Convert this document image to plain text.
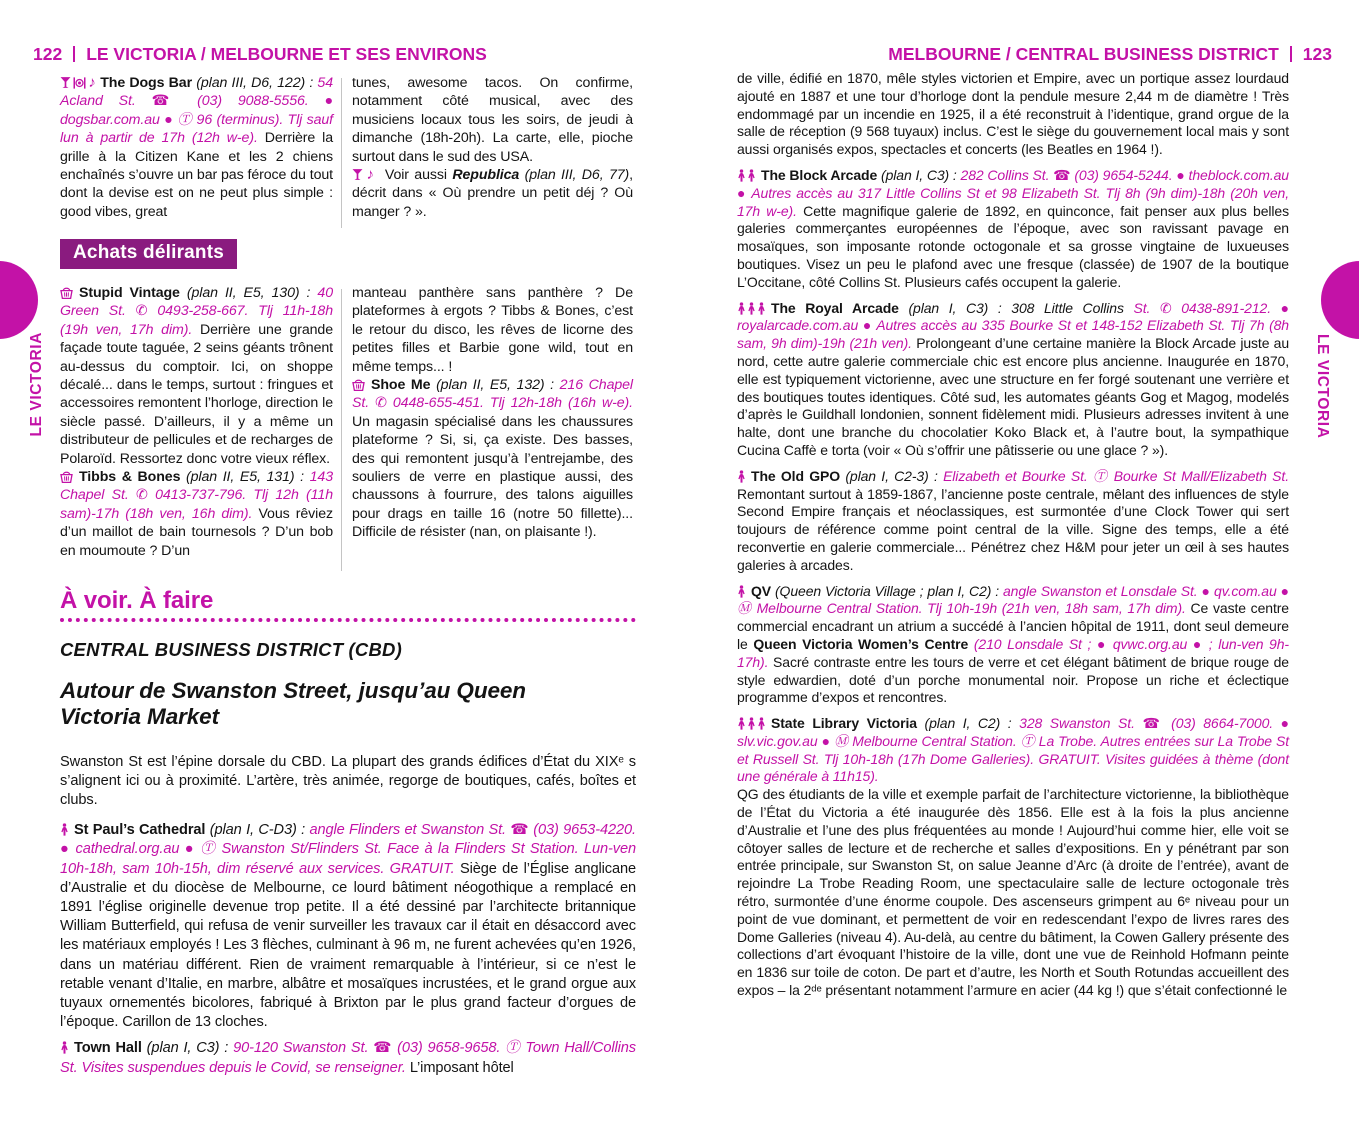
122 LE VICTORIA / MELBOURNE ET SES ENVIRONS	MELBOURNE / CENTRAL BUSINESS DISTRICT 123
LE VICTORIA	LE VICTORIA

♪ The Dogs Bar (plan III, D6, 122) : 54 Acland St. ☎ (03) 9088-5556. ● dogsbar.com.au ● Ⓣ 96 (terminus). Tlj sauf lun à partir de 17h (12h w-e). Derrière la grille à la Citizen Kane et les 2 chiens enchaînés s’ouvre un bar pas féroce du tout dont la devise est on ne peut plus simple : good vibes, great

tunes, awesome tacos. On confirme, notamment côté musical, avec des musiciens locaux tous les soirs, de jeudi à dimanche (18h-20h). La carte, elle, pioche surtout dans le sud des USA.

♪ Voir aussi Republica (plan III, D6, 77), décrit dans « Où prendre un petit déj ? Où manger ? ».

Achats délirants

Stupid Vintage (plan II, E5, 130) : 40 Green St. ✆ 0493-258-667. Tlj 11h-18h (19h ven, 17h dim). Derrière une grande façade toute taguée, 2 seins géants trônent au-dessus du comptoir. Ici, on shoppe décalé... dans le temps, surtout : fringues et accessoires remontent l’horloge, direction le siècle passé. D’ailleurs, il y a même un distributeur de pellicules et de recharges de Polaroïd. Ressortez donc votre vieux réflex.

Tibbs & Bones (plan II, E5, 131) : 143 Chapel St. ✆ 0413-737-796. Tlj 12h (11h sam)-17h (18h ven, 16h dim). Vous rêviez d’un maillot de bain tournesols ? D’un bob en moumoute ? D’un

manteau panthère sans panthère ? De plateformes à ergots ? Tibbs & Bones, c’est le retour du disco, les rêves de licorne des petites filles et Barbie gone wild, tout en même temps... !

Shoe Me (plan II, E5, 132) : 216 Chapel St. ✆ 0448-655-451. Tlj 12h-18h (16h w-e). Un magasin spécialisé dans les chaussures plateforme ? Si, si, ça existe. Des basses, des qui remontent jusqu’à l’entrejambe, des souliers de verre en plastique aussi, des chaussons à fourrure, des talons aiguilles pour drags en taille 16 (notre 50 fillette)... Difficile de résister (nan, on plaisante !).

À voir. À faire
CENTRAL BUSINESS DISTRICT (CBD)
Autour de Swanston Street, jusqu’au Queen Victoria Market

Swanston St est l’épine dorsale du CBD. La plupart des grands édifices d’État du XIXᵉ s s’alignent ici ou à proximité. L’artère, très animée, regorge de boutiques, cafés, boîtes et clubs.

St Paul’s Cathedral (plan I, C-D3) : angle Flinders et Swanston St. ☎ (03) 9653-4220. ● cathedral.org.au ● Ⓣ Swanston St/Flinders St. Face à la Flinders St Station. Lun-ven 10h-18h, sam 10h-15h, dim réservé aux services. GRATUIT. Siège de l’Église anglicane d’Australie et du diocèse de Melbourne, ce lourd bâtiment néogothique a remplacé en 1891 l’église originelle devenue trop petite. Il a été dessiné par l’architecte britannique William Butterfield, qui refusa de venir surveiller les travaux car il était en désaccord avec les matériaux employés ! Les 3 flèches, culminant à 96 m, ne furent achevées qu’en 1926, dans un matériau différent. Rien de vraiment remarquable à l’intérieur, si ce n’est le retable venant d’Italie, en marbre, albâtre et mosaïques incrustées, et le grand orgue aux tuyaux ornementés bicolores, fabriqué à Brixton par le plus grand facteur d’orgues de l’époque. Carillon de 13 cloches.

Town Hall (plan I, C3) : 90-120 Swanston St. ☎ (03) 9658-9658. Ⓣ Town Hall/Collins St. Visites suspendues depuis le Covid, se renseigner. L’imposant hôtel

de ville, édifié en 1870, mêle styles victorien et Empire, avec un portique assez lourdaud ajouté en 1887 et une tour d’horloge dont la pendule mesure 2,44 m de diamètre ! Très endommagé par un incendie en 1925, il a été reconstruit à l’identique, grand orgue de la salle de réception (9 568 tuyaux) inclus. C’est le siège du gouvernement local mais y sont aussi organisés expos, spectacles et concerts (les Beatles en 1964 !).

The Block Arcade (plan I, C3) : 282 Collins St. ☎ (03) 9654-5244. ● theblock.com.au ● Autres accès au 317 Little Collins St et 98 Elizabeth St. Tlj 8h (9h dim)-18h (20h ven, 17h w-e). Cette magnifique galerie de 1892, en quinconce, fait penser aux plus belles galeries commerçantes européennes de l’époque, avec son ravissant pavage en mosaïques, son imposante rotonde octogonale et sa grosse vingtaine de luxueuses boutiques. Visez un peu le plafond avec une fresque (classée) de 1907 de la boutique L’Occitane, côté Collins St. Plusieurs cafés occupent la galerie.

The Royal Arcade (plan I, C3) : 308 Little Collins St. ✆ 0438-891-212. ● royalarcade.com.au ● Autres accès au 335 Bourke St et 148-152 Elizabeth St. Tlj 7h (8h sam, 9h dim)-19h (21h ven). Prolongeant d’une certaine manière la Block Arcade juste au nord, cette autre galerie commerciale chic est encore plus ancienne. Inaugurée en 1870, elle est typiquement victorienne, avec une structure en fer forgé soutenant une verrière et des boutiques toutes identiques. Côté sud, les automates géants Gog et Magog, modelés d’après le Guildhall londonien, sonnent fidèlement midi. Plusieurs adresses invitent à une halte, dont une branche du chocolatier Koko Black et, à l’autre bout, la sympathique Cucina Caffè e torta (voir « Où s’offrir une pâtisserie ou une glace ? »).

The Old GPO (plan I, C2-3) : Elizabeth et Bourke St. Ⓣ Bourke St Mall/Elizabeth St. Remontant surtout à 1859-1867, l’ancienne poste centrale, mêlant des influences de style Second Empire français et néoclassiques, est surmontée d’une Clock Tower qui sert toujours de référence comme point central de la ville. Signe des temps, elle a été reconvertie en galerie commerciale... Pénétrez chez H&M pour jeter un œil à ses hautes galeries à arcades.

QV (Queen Victoria Village ; plan I, C2) : angle Swanston et Lonsdale St. ● qv.com.au ● Ⓜ Melbourne Central Station. Tlj 10h-19h (21h ven, 18h sam, 17h dim). Ce vaste centre commercial encadrant un atrium a succédé à l’ancien hôpital de 1911, dont seul demeure le Queen Victoria Women’s Centre (210 Lonsdale St ; ● qvwc.org.au ● ; lun-ven 9h-17h). Sacré contraste entre les tours de verre et cet élégant bâtiment de brique rouge de style edwardien, doté d’un porche monumental noir. Propose un riche et éclectique programme d’expos et rencontres.

State Library Victoria (plan I, C2) : 328 Swanston St. ☎ (03) 8664-7000. ● slv.vic.gov.au ● Ⓜ Melbourne Central Station. Ⓣ La Trobe. Autres entrées sur La Trobe St et Russell St. Tlj 10h-18h (17h Dome Galleries). GRATUIT. Visites guidées à thème (dont une générale à 11h15).

QG des étudiants de la ville et exemple parfait de l’architecture victorienne, la bibliothèque de l’État du Victoria a été inaugurée dès 1856. Elle est à la fois la plus ancienne d’Australie et l’une des plus fréquentées au monde ! Aujourd’hui comme hier, elle voit se côtoyer salles de lecture et de recherche et salles d’expositions. En y pénétrant par son entrée principale, sur Swanston St, on salue Jeanne d’Arc (à droite de l’entrée), avant de rejoindre La Trobe Reading Room, une spectaculaire salle de lecture octogonale très rétro, surmontée d’une énorme coupole. Des ascenseurs grimpent au 6ᵉ niveau pour un point de vue dominant, et permettent de voir en redescendant l’expo de livres rares des Dome Galleries (niveau 4). Au-delà, au centre du bâtiment, la Cowen Gallery présente des collections d’art évoquant l’histoire de la ville, dont une vue de Reinhold Hofmann peinte en 1836 sur toile de coton. De part et d’autre, les North et South Rotundas accueillent des expos – la 2ᵈᵉ présentant notamment l’armure en acier (44 kg !) que s’était confectionné le
